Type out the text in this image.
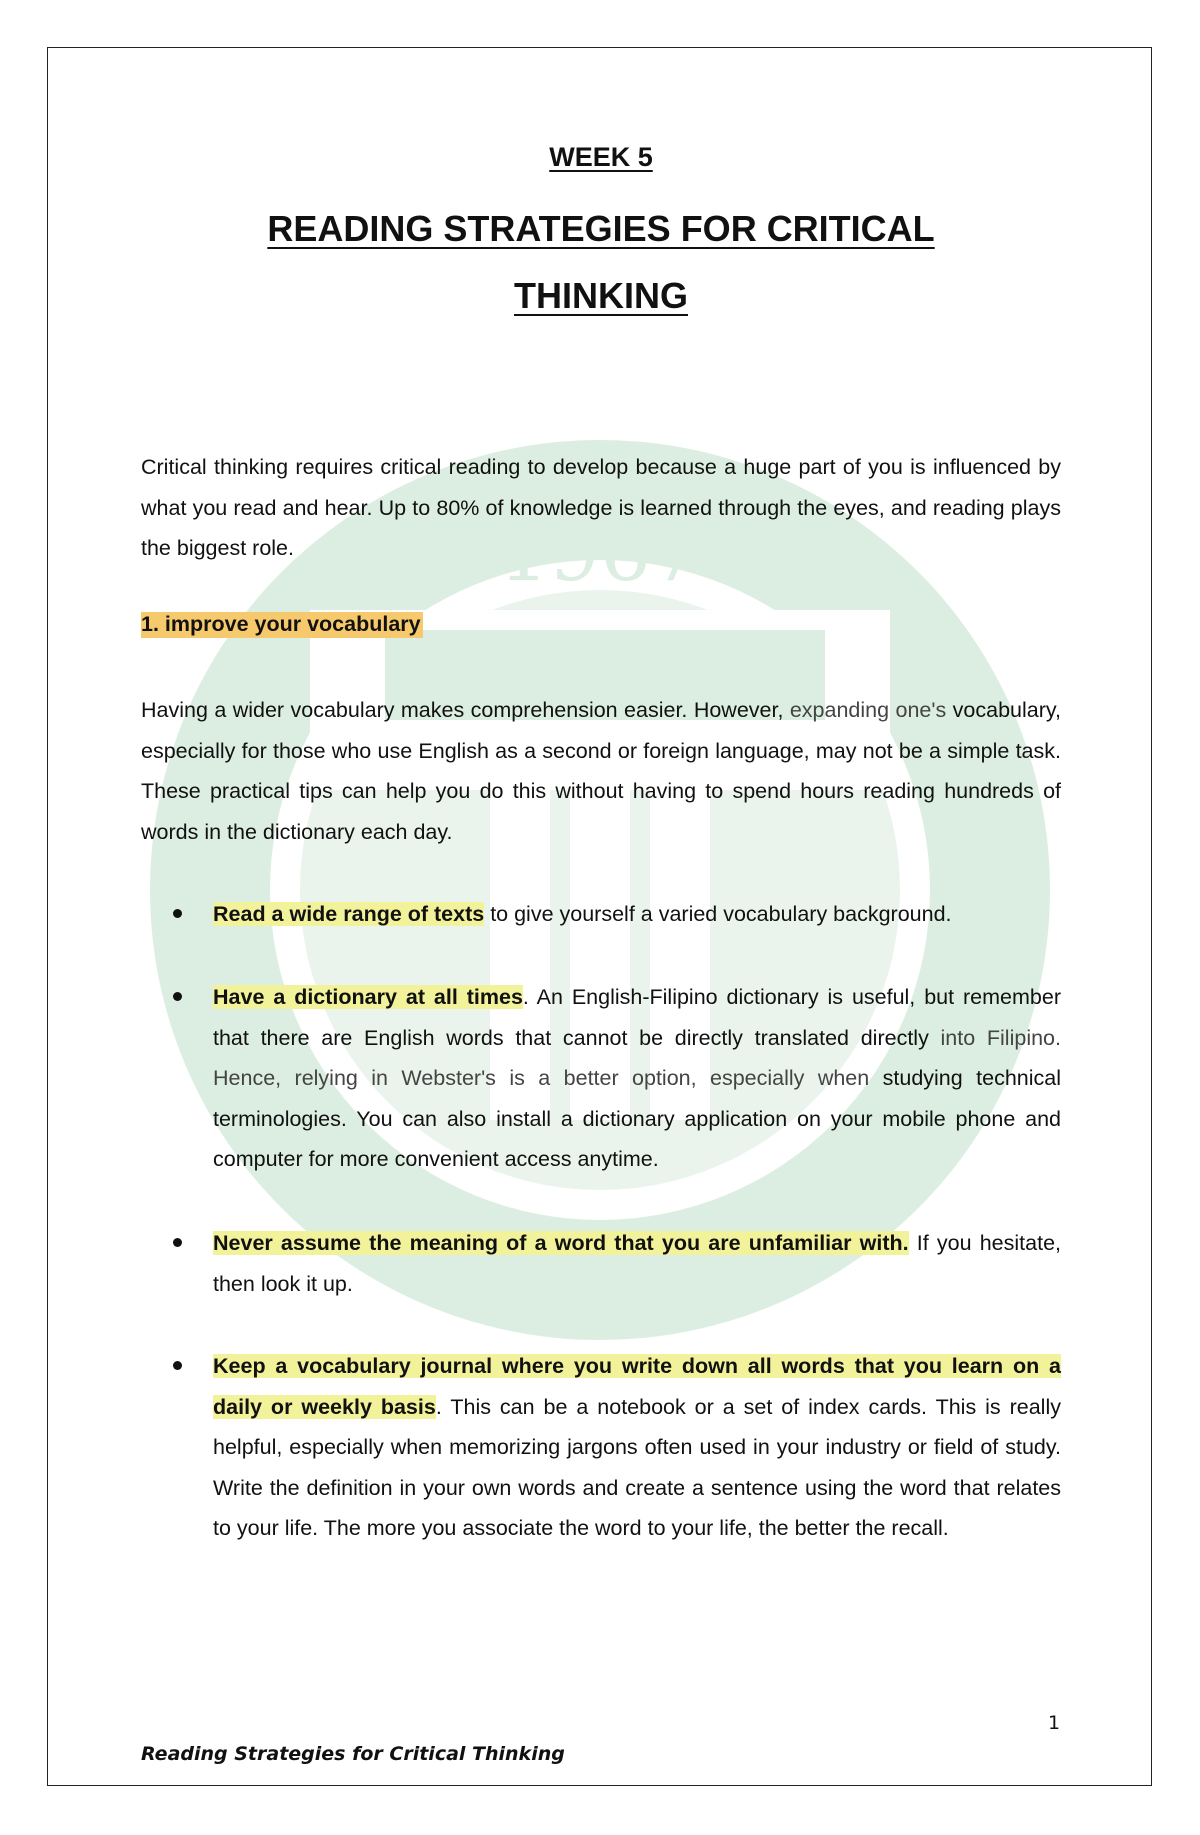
1967
WEEK 5
READING STRATEGIES FOR CRITICAL
THINKING
Critical thinking requires critical reading to develop because a huge part of you is influenced by what you read and hear. Up to 80% of knowledge is learned through the eyes, and reading plays the biggest role.
1. improve your vocabulary
Having a wider vocabulary makes comprehension easier. However, expanding one's vocabulary, especially for those who use English as a second or foreign language, may not be a simple task. These practical tips can help you do this without having to spend hours reading hundreds of words in the dictionary each day.
Read a wide range of texts to give yourself a varied vocabulary background.
Have a dictionary at all times. An English-Filipino dictionary is useful, but remember that there are English words that cannot be directly translated directly into Filipino. Hence, relying in Webster's is a better option, especially when studying technical terminologies. You can also install a dictionary application on your mobile phone and computer for more convenient access anytime.
Never assume the meaning of a word that you are unfamiliar with. If you hesitate, then look it up.
Keep a vocabulary journal where you write down all words that you learn on a daily or weekly basis. This can be a notebook or a set of index cards. This is really helpful, especially when memorizing jargons often used in your industry or field of study. Write the definition in your own words and create a sentence using the word that relates to your life. The more you associate the word to your life, the better the recall.
1
Reading Strategies for Critical Thinking
